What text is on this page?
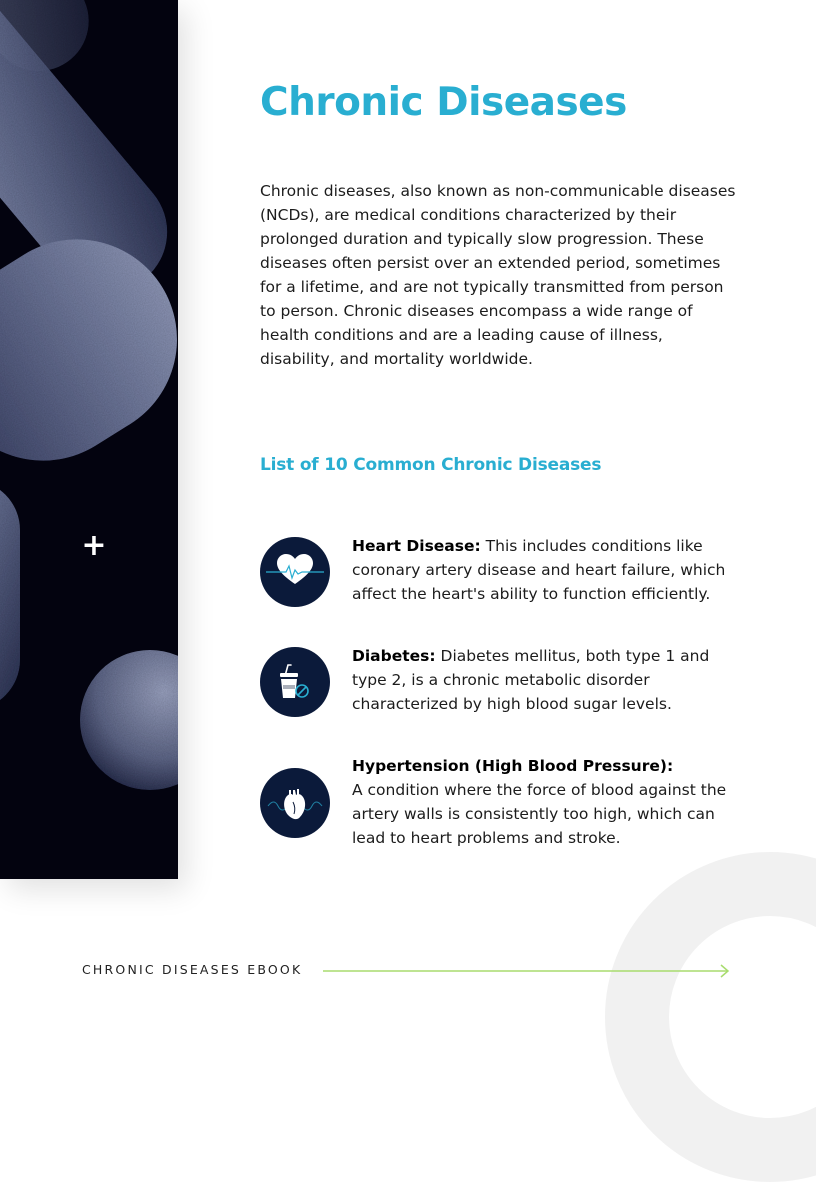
+
Chronic Diseases

Chronic diseases, also known as non-communicable diseases (NCDs), are medical conditions characterized by their prolonged duration and typically slow progression. These diseases often persist over an extended period, sometimes for a lifetime, and are not typically transmitted from person to person. Chronic diseases encompass a wide range of health conditions and are a leading cause of illness, disability, and mortality worldwide.

List of 10 Common Chronic Diseases
Heart Disease: This includes conditions like coronary artery disease and heart failure, which affect the heart's ability to function efficiently.
Diabetes: Diabetes mellitus, both type 1 and type 2, is a chronic metabolic disorder characterized by high blood sugar levels.
Hypertension (High Blood Pressure):
A condition where the force of blood against the artery walls is consistently too high, which can lead to heart problems and stroke.
CHRONIC DISEASES EBOOK
